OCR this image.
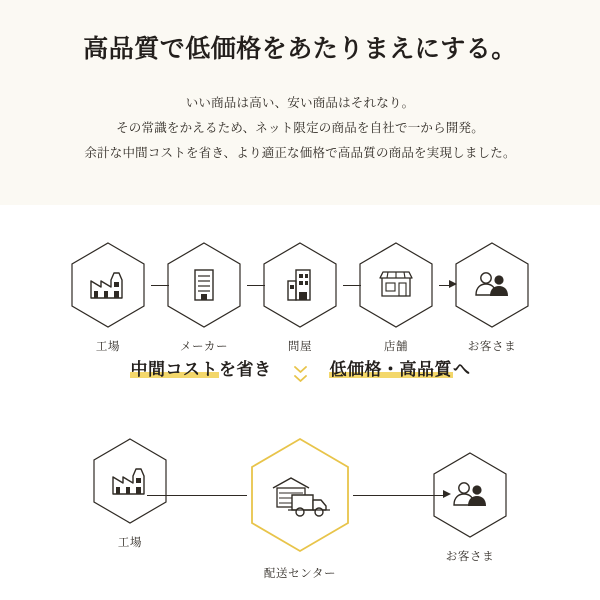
高品質で低価格をあたりまえにする。
いい商品は高い、安い商品はそれなり。
その常識をかえるため、ネット限定の商品を自社で一から開発。
余計な中間コストを省き、より適正な価格で高品質の商品を実現しました。
工場	メーカー	問屋	店舗	お客さま
中間コストを省き	低価格・高品質へ
工場
配送センター
お客さま
